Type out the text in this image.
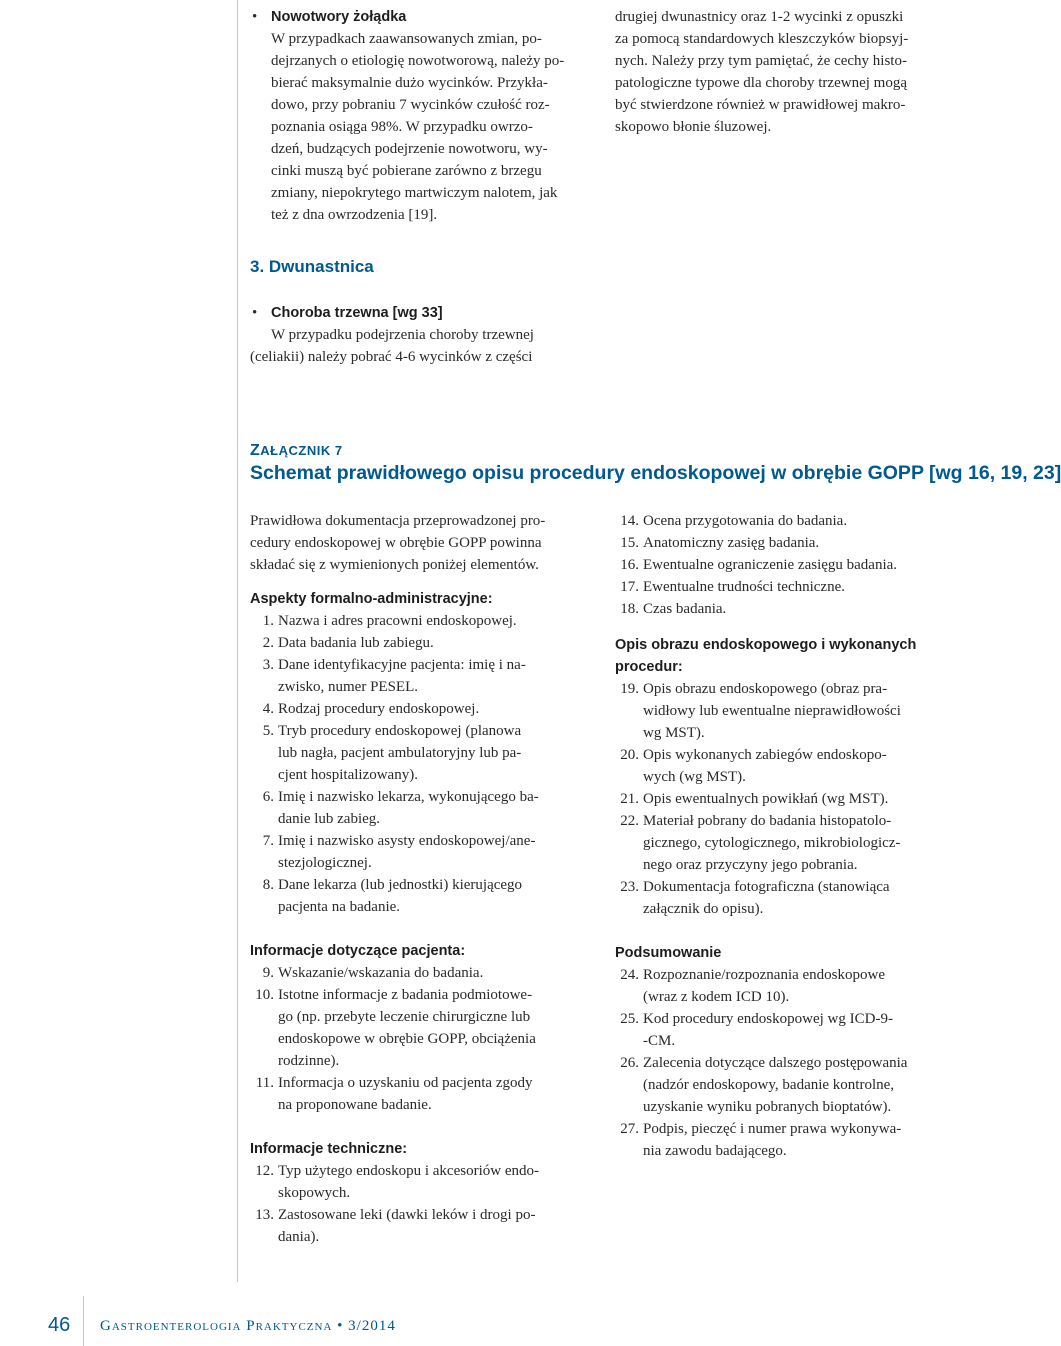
• Nowotwory żołądka
W przypadkach zaawansowanych zmian, po-
dejrzanych o etiologię nowotworową, należy po-
bierać maksymalnie dużo wycinków. Przykła-
dowo, przy pobraniu 7 wycinków czułość roz-
poznania osiąga 98%. W przypadku owrzo-
dzeń, budzących podejrzenie nowotworu, wy-
cinki muszą być pobierane zarówno z brzegu
zmiany, niepokrytego martwiczym nalotem, jak
też z dna owrzodzenia [19].
3. Dwunastnica
• Choroba trzewna [wg 33]
W przypadku podejrzenia choroby trzewnej
(celiakii) należy pobrać 4-6 wycinków z części
drugiej dwunastnicy oraz 1-2 wycinki z opuszki
za pomocą standardowych kleszczyków biopsyj-
nych. Należy przy tym pamiętać, że cechy histo-
patologiczne typowe dla choroby trzewnej mogą
być stwierdzone również w prawidłowej makro-
skopowo błonie śluzowej.
ZAŁĄCZNIK 7
Schemat prawidłowego opisu procedury endoskopowej w obrębie GOPP [wg 16, 19, 23]
Prawidłowa dokumentacja przeprowadzonej pro-
cedury endoskopowej w obrębie GOPP powinna
składać się z wymienionych poniżej elementów.
Aspekty formalno-administracyjne:
1. Nazwa i adres pracowni endoskopowej.
2. Data badania lub zabiegu.
3. Dane identyfikacyjne pacjenta: imię i na-
zwisko, numer PESEL.
4. Rodzaj procedury endoskopowej.
5. Tryb procedury endoskopowej (planowa
lub nagła, pacjent ambulatoryjny lub pa-
cjent hospitalizowany).
6. Imię i nazwisko lekarza, wykonującego ba-
danie lub zabieg.
7. Imię i nazwisko asysty endoskopowej/ane-
stezjologicznej.
8. Dane lekarza (lub jednostki) kierującego
pacjenta na badanie.
Informacje dotyczące pacjenta:
9. Wskazanie/wskazania do badania.
10. Istotne informacje z badania podmiotowe-
go (np. przebyte leczenie chirurgiczne lub
endoskopowe w obrębie GOPP, obciążenia
rodzinne).
11. Informacja o uzyskaniu od pacjenta zgody
na proponowane badanie.
Informacje techniczne:
12. Typ użytego endoskopu i akcesoriów endo-
skopowych.
13. Zastosowane leki (dawki leków i drogi po-
dania).
14. Ocena przygotowania do badania.
15. Anatomiczny zasięg badania.
16. Ewentualne ograniczenie zasięgu badania.
17. Ewentualne trudności techniczne.
18. Czas badania.
Opis obrazu endoskopowego i wykonanych
procedur:
19. Opis obrazu endoskopowego (obraz pra-
widłowy lub ewentualne nieprawidłowości
wg MST).
20. Opis wykonanych zabiegów endoskopo-
wych (wg MST).
21. Opis ewentualnych powikłań (wg MST).
22. Materiał pobrany do badania histopatolo-
gicznego, cytologicznego, mikrobiologicz-
nego oraz przyczyny jego pobrania.
23. Dokumentacja fotograficzna (stanowiąca
załącznik do opisu).
Podsumowanie
24. Rozpoznanie/rozpoznania endoskopowe
(wraz z kodem ICD 10).
25. Kod procedury endoskopowej wg ICD-9-
-CM.
26. Zalecenia dotyczące dalszego postępowania
(nadzór endoskopowy, badanie kontrolne,
uzyskanie wyniku pobranych bioptatów).
27. Podpis, pieczęć i numer prawa wykonywa-
nia zawodu badającego.
46 Gastroenterologia Praktyczna • 3/2014
